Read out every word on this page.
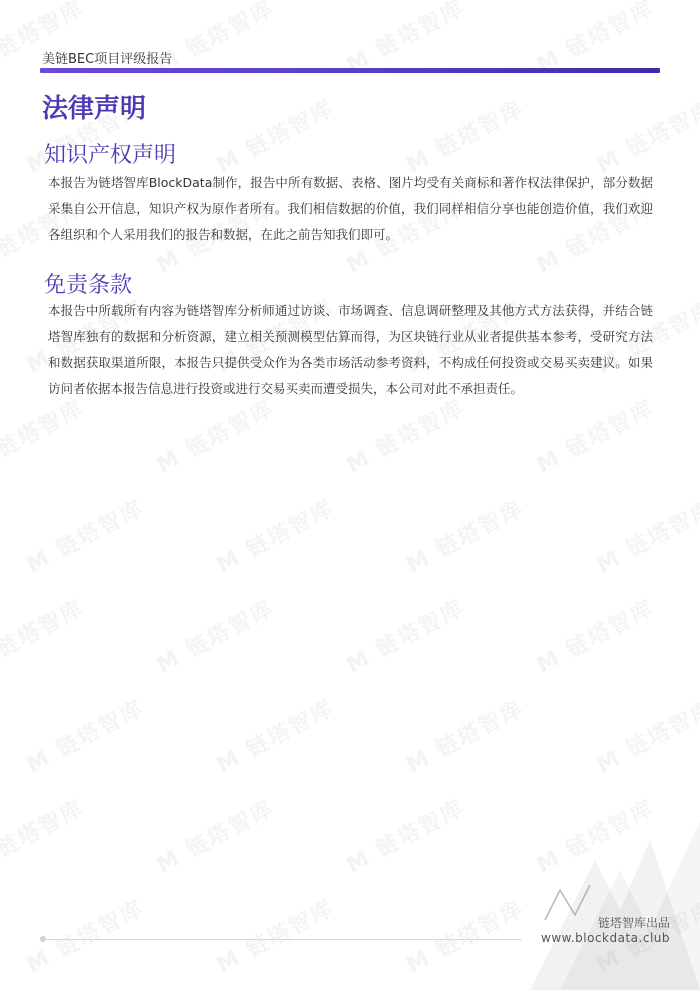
美链BEC项目评级报告
法律声明
知识产权声明
本报告为链塔智库BlockData制作，报告中所有数据、表格、图片均受有关商标和著作权法律保护，部分数据采集自公开信息，知识产权为原作者所有。我们相信数据的价值，我们同样相信分享也能创造价值，我们欢迎各组织和个人采用我们的报告和数据，在此之前告知我们即可。
免责条款
本报告中所载所有内容为链塔智库分析师通过访谈、市场调查、信息调研整理及其他方式方法获得，并结合链塔智库独有的数据和分析资源，建立相关预测模型估算而得，为区块链行业从业者提供基本参考，受研究方法和数据获取渠道所限，本报告只提供受众作为各类市场活动参考资料，不构成任何投资或交易买卖建议。如果访问者依据本报告信息进行投资或进行交易买卖而遭受损失，本公司对此不承担责任。
链塔智库出品
www.blockdata.club
